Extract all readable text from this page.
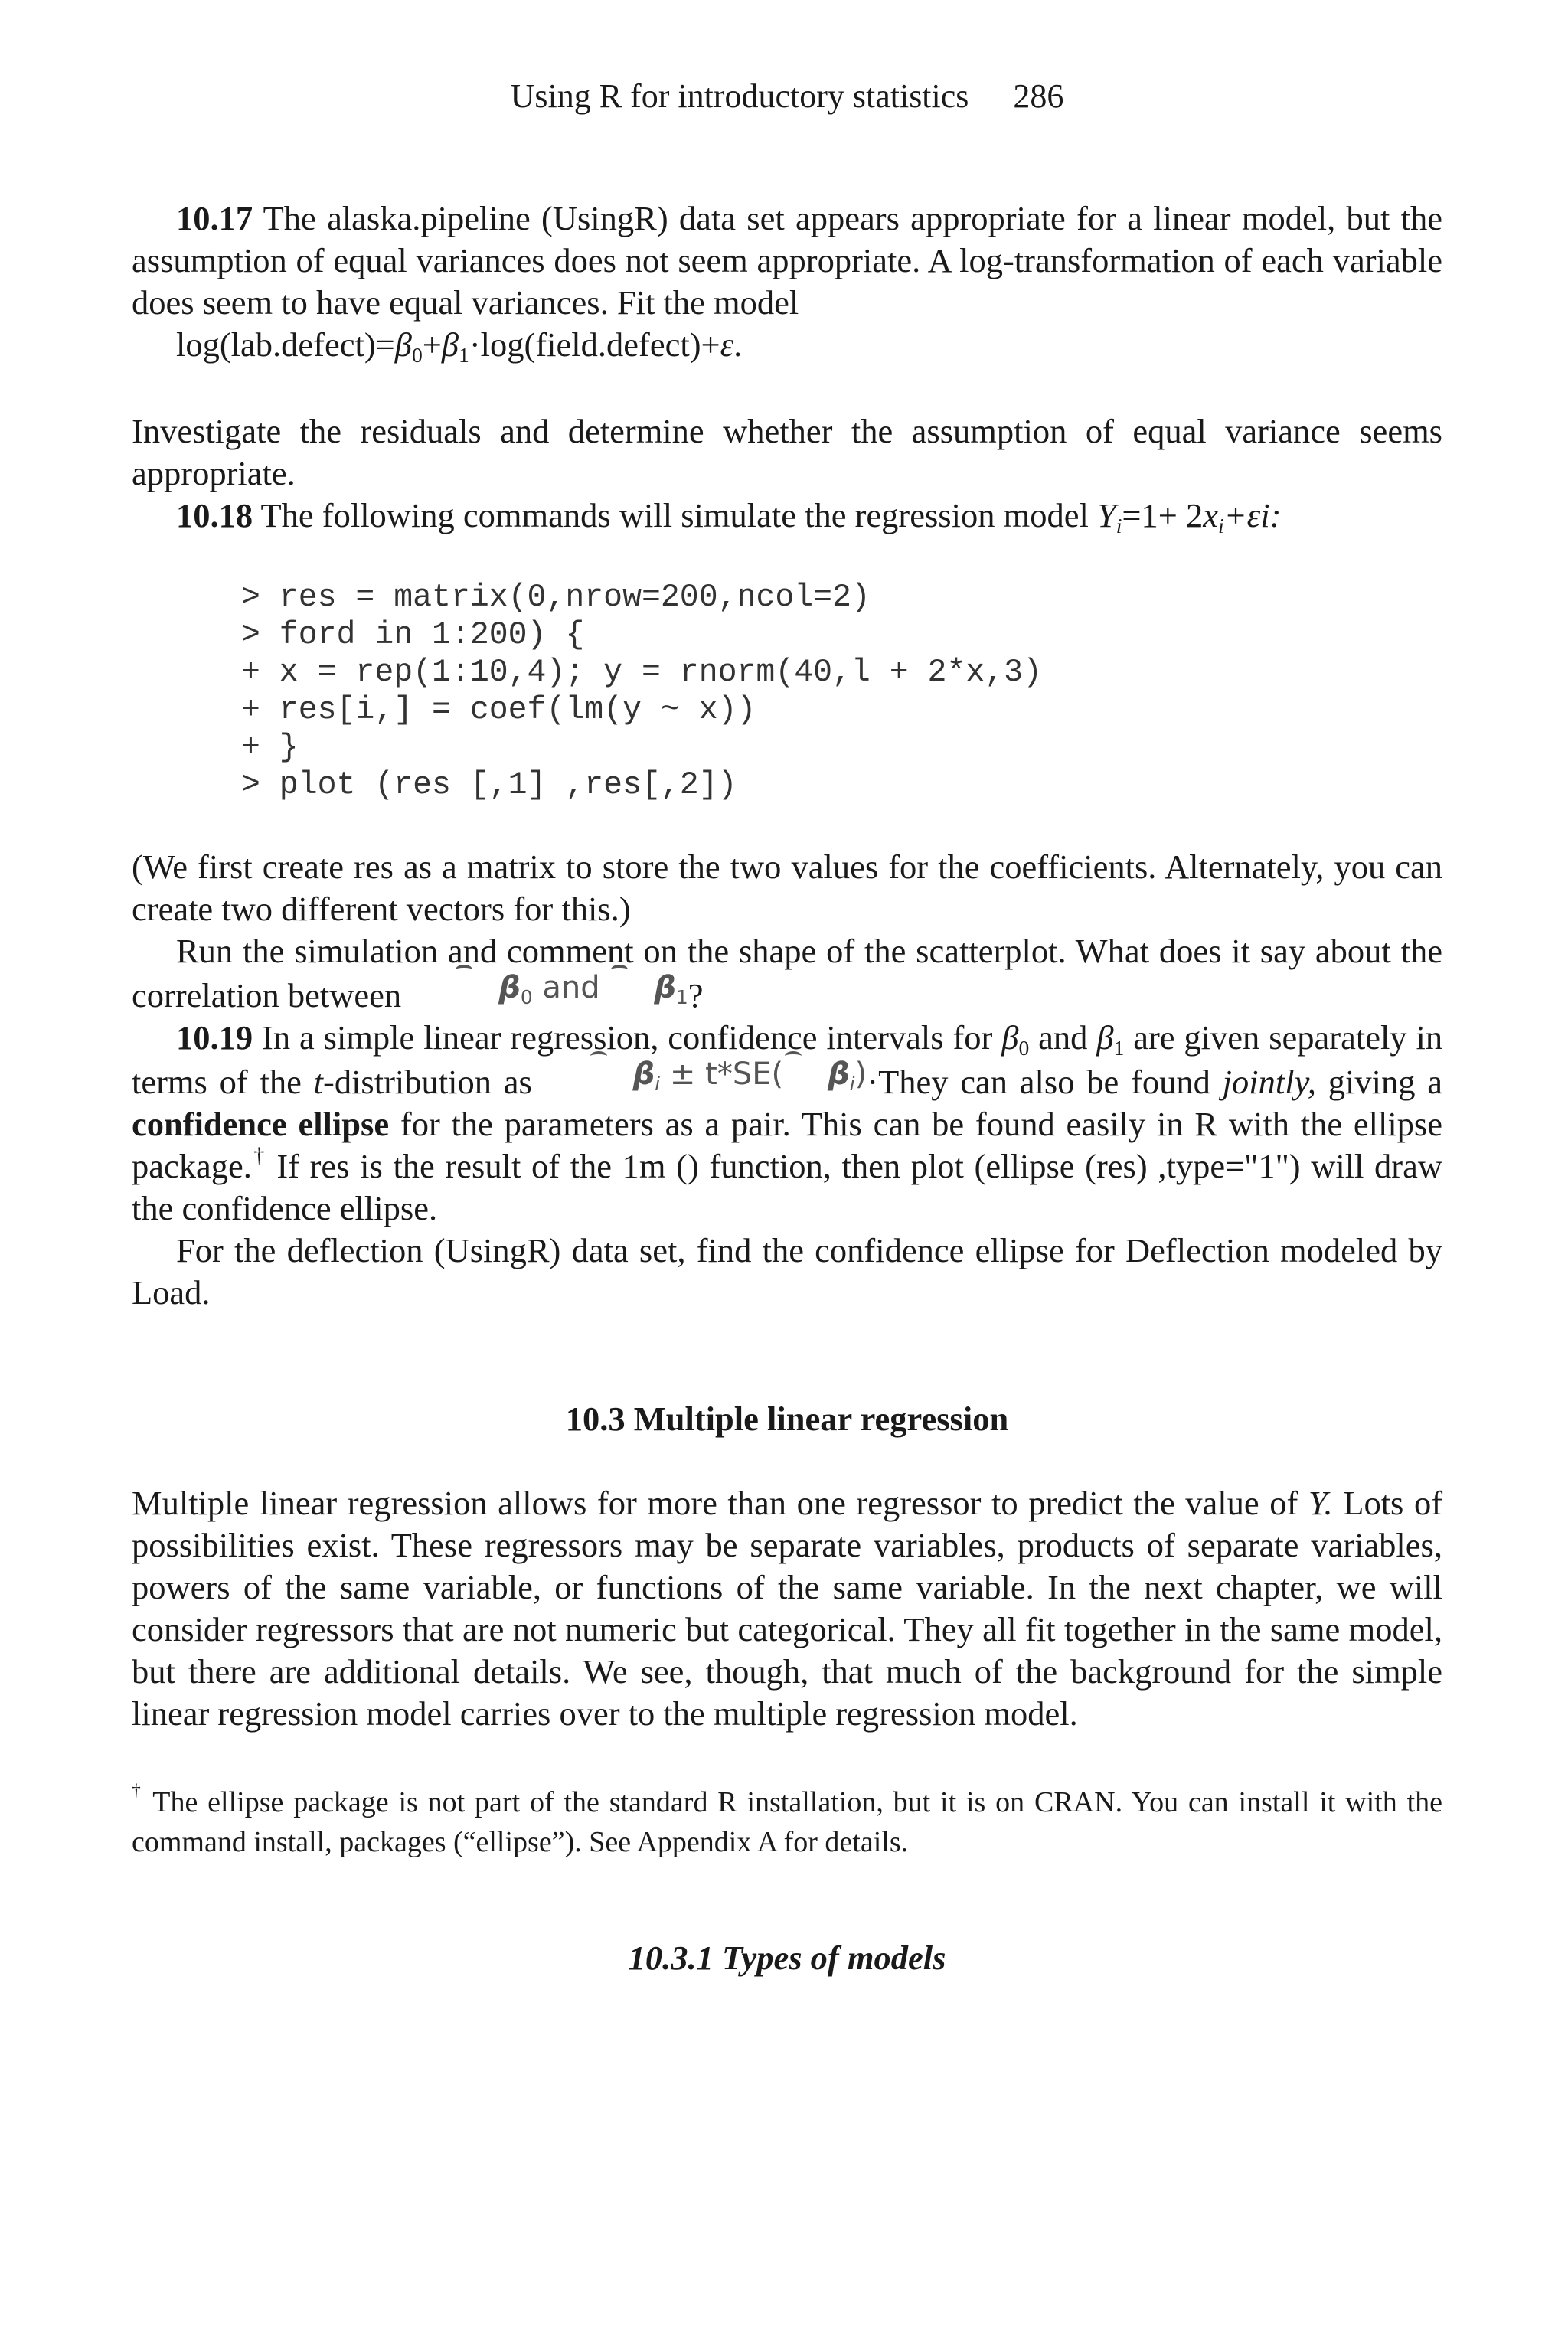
Using R for introductory statistics 286

10.17 The alaska.pipeline (UsingR) data set appears appropriate for a linear model, but the assumption of equal variances does not seem appropriate. A log-transformation of each variable does seem to have equal variances. Fit the model

$\log(lab.defect)=\beta_0+\beta_1\cdot\log(field.defect)+\varepsilon$.

Investigate the residuals and determine whether the assumption of equal variance seems appropriate.

10.18 The following commands will simulate the regression model $Y_i=1+ 2x_i+\varepsilon i$:

> res = matrix(0,nrow=200,ncol=2)
> ford in 1:200) {
+ x = rep(1:10,4); y = rnorm(40,l + 2*x,3)
+ res[i,] = coef(lm(y ~ x))
+ }
> plot (res [,1] ,res[,2])

(We first create res as a matrix to store the two values for the coefficients. Alternately, you can create two different vectors for this.)

Run the simulation and comment on the shape of the scatterplot. What does it say about the correlation between	$\beta_0$ and $\beta_1$?

10.19 In a simple linear regression, confidence intervals for $\beta_0$ and $\beta_1$ are given separately in terms of the t-distribution as	$\beta_i \pm t*SE$( $\beta_i)\cdot They$ can also be found jointly, giving a confidence ellipse for the parameters as a pair. This can be found easily in R with the ellipse package.† If res is the result of the 1m () function, then plot (ellipse (res) ,type="1") will draw the confidence ellipse.

For the deflection (UsingR) data set, find the confidence ellipse for Deflection modeled by Load.

10.3 Multiple linear regression

Multiple linear regression allows for more than one regressor to predict the value of Y. Lots of possibilities exist. These regressors may be separate variables, products of separate variables, powers of the same variable, or functions of the same variable. In the next chapter, we will consider regressors that are not numeric but categorical. They all fit together in the same model, but there are additional details. We see, though, that much of the background for the simple linear regression model carries over to the multiple regression model.

† The ellipse package is not part of the standard R installation, but it is on CRAN. You can install it with the command install, packages (“ellipse”). See Appendix A for details.
10.3.1 Types of models
